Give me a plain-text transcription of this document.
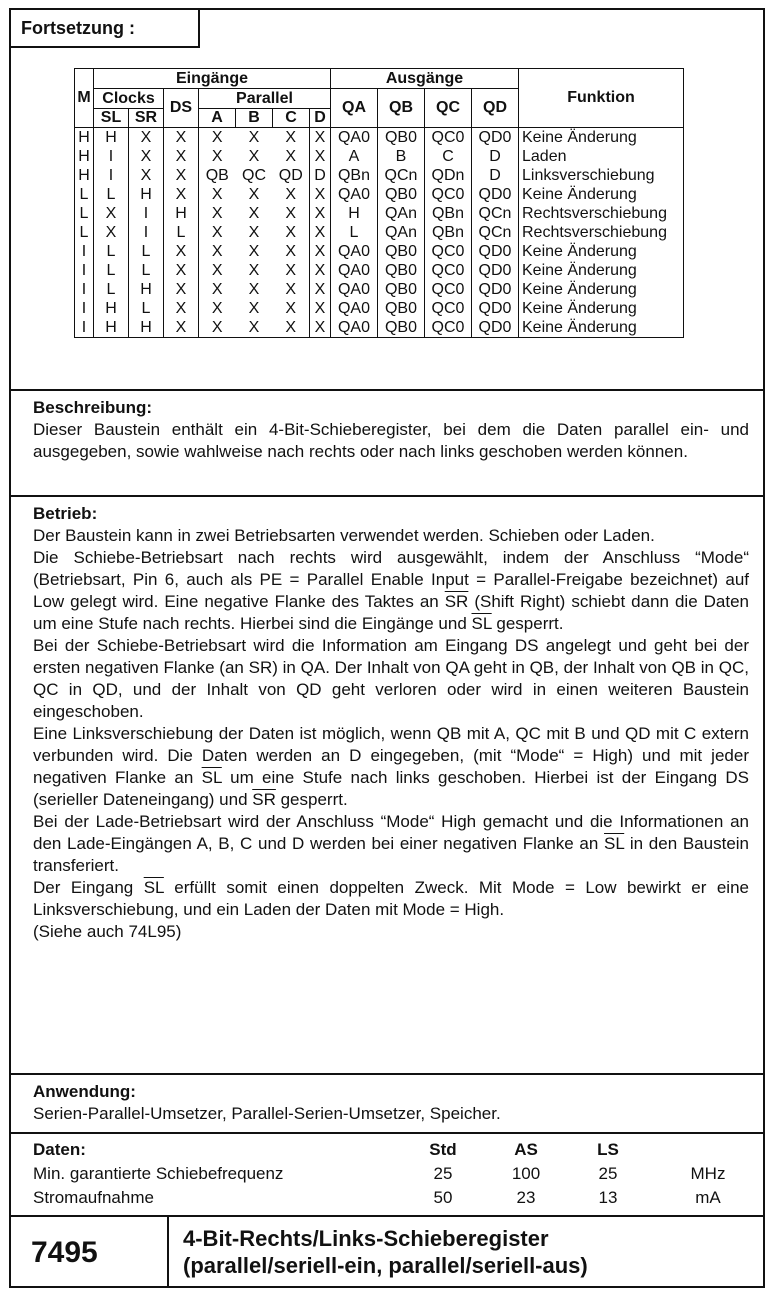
Fortsetzung :
M	Eingänge							Ausgänge				Funktion
	Clocks		DS	Parallel				QA	QB	QC	QD	
	$\overline{SL}$	$\overline{SR}$		A	B	C	D					
H	H	X	X	X	X	X	X	QA0	QB0	QC0	QD0	Keine Änderung
H	I	X	X	X	X	X	X	A	B	C	D	Laden
H	I	X	X	QB	QC	QD	D	QBn	QCn	QDn	D	Linksverschiebung
L	L	H	X	X	X	X	X	QA0	QB0	QC0	QD0	Keine Änderung
L	X	I	H	X	X	X	X	H	QAn	QBn	QCn	Rechtsverschiebung
L	X	I	L	X	X	X	X	L	QAn	QBn	QCn	Rechtsverschiebung
I	L	L	X	X	X	X	X	QA0	QB0	QC0	QD0	Keine Änderung
I	L	L	X	X	X	X	X	QA0	QB0	QC0	QD0	Keine Änderung
I	L	H	X	X	X	X	X	QA0	QB0	QC0	QD0	Keine Änderung
I	H	L	X	X	X	X	X	QA0	QB0	QC0	QD0	Keine Änderung
I	H	H	X	X	X	X	X	QA0	QB0	QC0	QD0	Keine Änderung
Beschreibung:

Dieser Baustein enthält ein 4-Bit-Schieberegister, bei dem die Daten parallel ein- und ausgegeben, sowie wahlweise nach rechts oder nach links geschoben werden können.

Betrieb:

Der Baustein kann in zwei Betriebsarten verwendet werden. Schieben oder Laden.

Die Schiebe-Betriebsart nach rechts wird ausgewählt, indem der Anschluss “Mode“ (Betriebsart, Pin 6, auch als PE = Parallel Enable Input = Parallel-Freigabe bezeichnet) auf Low gelegt wird. Eine negative Flanke des Taktes an $\overline{SR}$ (Shift Right) schiebt dann die Daten um eine Stufe nach rechts. Hierbei sind die Eingänge und $\overline{SL}$ gesperrt.

Bei der Schiebe-Betriebsart wird die Information am Eingang DS angelegt und geht bei der ersten negativen Flanke (an SR) in QA. Der Inhalt von QA geht in QB, der Inhalt von QB in QC, QC in QD, und der Inhalt von QD geht verloren oder wird in einen weiteren Baustein eingeschoben.

Eine Linksverschiebung der Daten ist möglich, wenn QB mit A, QC mit B und QD mit C extern verbunden wird. Die Daten werden an D eingegeben, (mit “Mode“ = High) und mit jeder negativen Flanke an $\overline{SL}$ um eine Stufe nach links geschoben. Hierbei ist der Eingang DS (serieller Dateneingang) und $\overline{SR}$ gesperrt.

Bei der Lade-Betriebsart wird der Anschluss “Mode“ High gemacht und die Informationen an den Lade-Eingängen A, B, C und D werden bei einer negativen Flanke an $\overline{SL}$ in den Baustein transferiert.

Der Eingang $\overline{SL}$ erfüllt somit einen doppelten Zweck. Mit Mode = Low bewirkt er eine Linksverschiebung, und ein Laden der Daten mit Mode = High.

(Siehe auch 74L95)

Anwendung:

Serien-Parallel-Umsetzer, Parallel-Serien-Umsetzer, Speicher.

Daten:	Std	AS	LS
Min. garantierte Schiebefrequenz	25	100	25	MHz
Stromaufnahme	50	23	13	mA
7495	4-Bit-Rechts/Links-Schieberegister
(parallel/seriell-ein, parallel/seriell-aus)
